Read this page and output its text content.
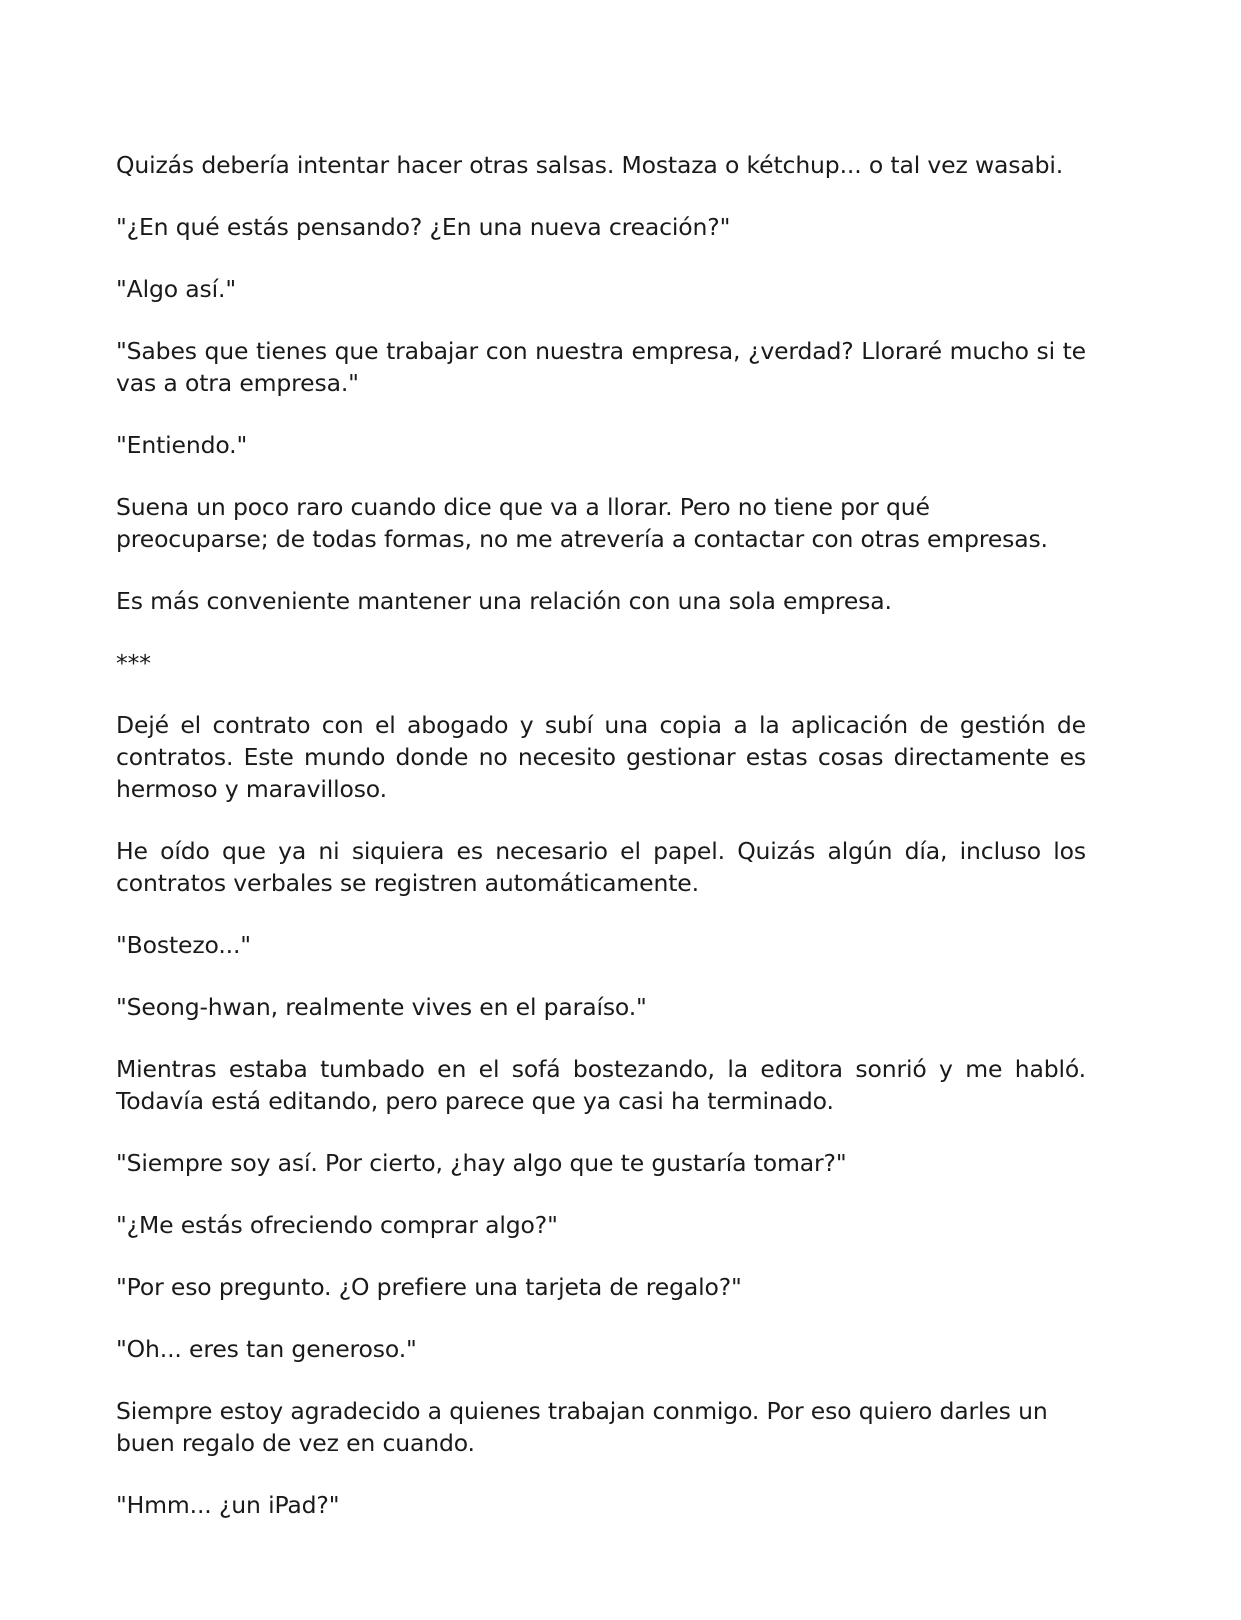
Quizás debería intentar hacer otras salsas. Mostaza o kétchup... o tal vez wasabi.

"¿En qué estás pensando? ¿En una nueva creación?"

"Algo así."

"Sabes que tienes que trabajar con nuestra empresa, ¿verdad? Lloraré mucho si te vas a otra empresa."

"Entiendo."

Suena un poco raro cuando dice que va a llorar. Pero no tiene por qué preocuparse; de todas formas, no me atrevería a contactar con otras empresas.

Es más conveniente mantener una relación con una sola empresa.

***

Dejé el contrato con el abogado y subí una copia a la aplicación de gestión de contratos. Este mundo donde no necesito gestionar estas cosas directamente es hermoso y maravilloso.

He oído que ya ni siquiera es necesario el papel. Quizás algún día, incluso los contratos verbales se registren automáticamente.

"Bostezo..."

"Seong-hwan, realmente vives en el paraíso."

Mientras estaba tumbado en el sofá bostezando, la editora sonrió y me habló. Todavía está editando, pero parece que ya casi ha terminado.

"Siempre soy así. Por cierto, ¿hay algo que te gustaría tomar?"

"¿Me estás ofreciendo comprar algo?"

"Por eso pregunto. ¿O prefiere una tarjeta de regalo?"

"Oh... eres tan generoso."

Siempre estoy agradecido a quienes trabajan conmigo. Por eso quiero darles un buen regalo de vez en cuando.

"Hmm... ¿un iPad?"
